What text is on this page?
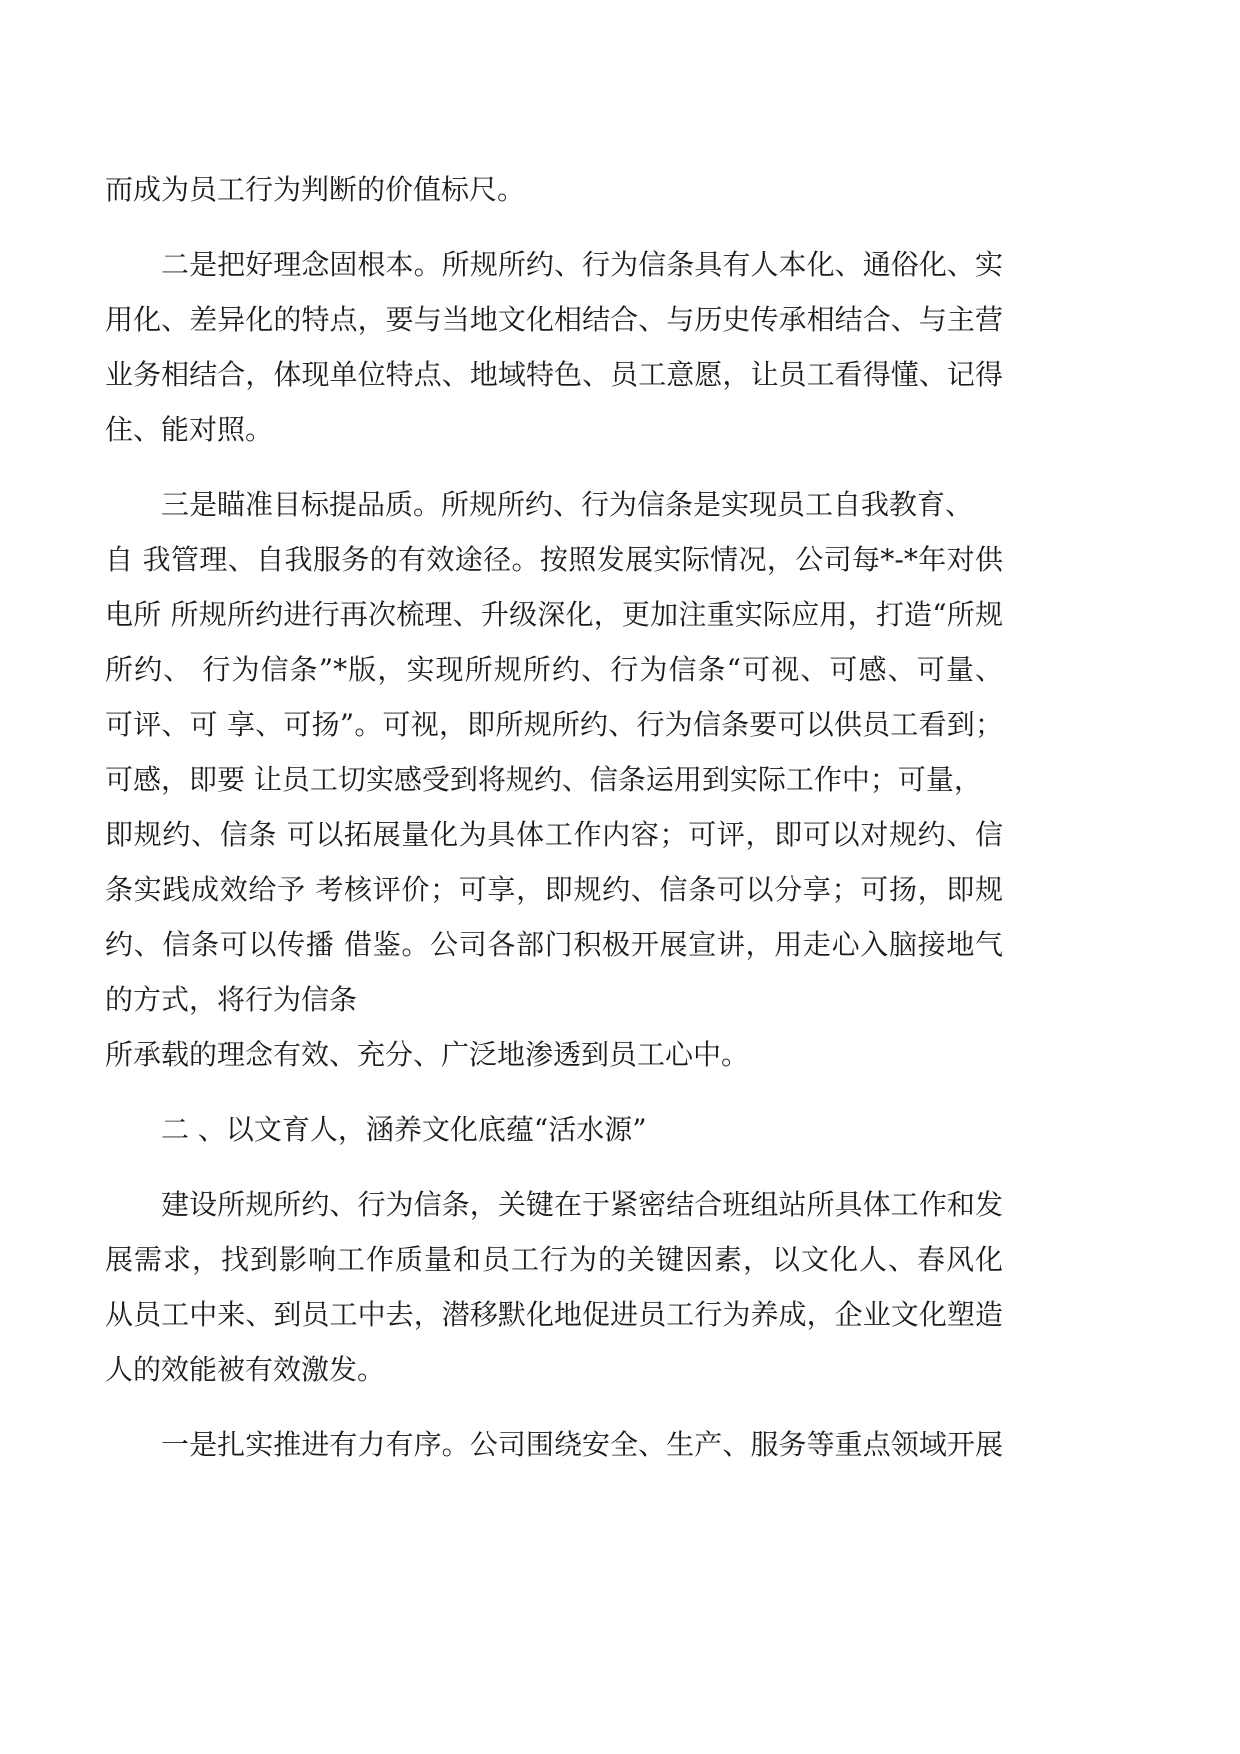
而成为员工行为判断的价值标尺。
二是把好理念固根本。所规所约、行为信条具有人本化、通俗化、实
用化、差异化的特点，要与当地文化相结合、与历史传承相结合、与主营
业务相结合，体现单位特点、地域特色、员工意愿，让员工看得懂、记得
住、能对照。
三是瞄准目标提品质。所规所约、行为信条是实现员工自我教育、
自 我管理、自我服务的有效途径。按照发展实际情况，公司每*-*年对供
电所 所规所约进行再次梳理、升级深化，更加注重实际应用，打造“所规
所约、 行为信条”*版，实现所规所约、行为信条“可视、可感、可量、
可评、可 享、可扬”。可视，即所规所约、行为信条要可以供员工看到；
可感，即要 让员工切实感受到将规约、信条运用到实际工作中；可量，
即规约、信条 可以拓展量化为具体工作内容；可评，即可以对规约、信
条实践成效给予 考核评价；可享，即规约、信条可以分享；可扬，即规
约、信条可以传播 借鉴。公司各部门积极开展宣讲，用走心入脑接地气
的方式，将行为信条
所承载的理念有效、充分、广泛地渗透到员工心中。
二 、以文育人，涵养文化底蕴“活水源”
建设所规所约、行为信条，关键在于紧密结合班组站所具体工作和发
展需求，找到影响工作质量和员工行为的关键因素，以文化人、春风化
从员工中来、到员工中去，潜移默化地促进员工行为养成，企业文化塑造
人的效能被有效激发。
一是扎实推进有力有序。公司围绕安全、生产、服务等重点领域开展
